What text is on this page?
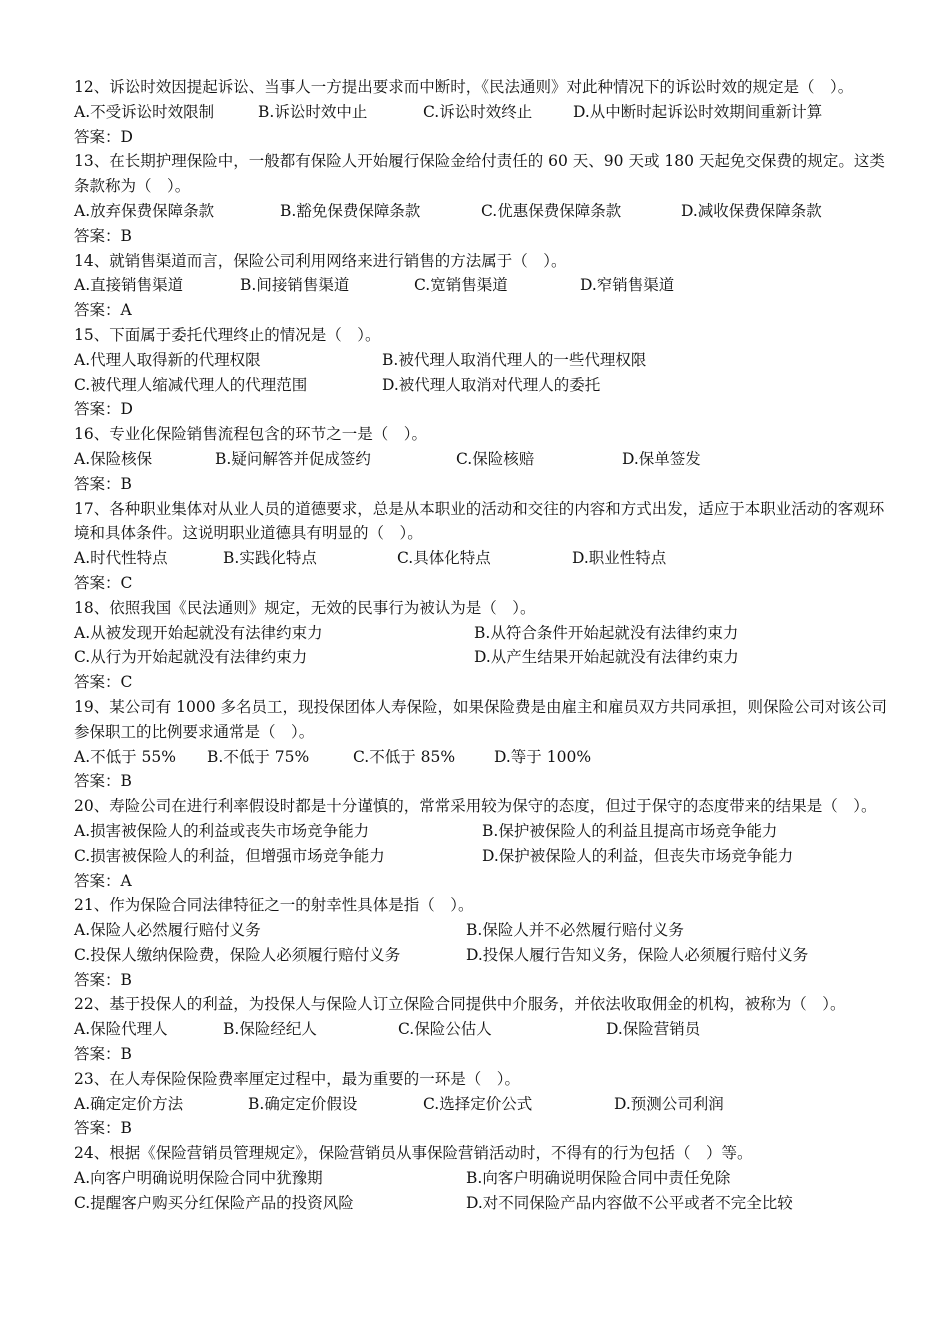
12、诉讼时效因提起诉讼、当事人一方提出要求而中断时，《民法通则》对此种情况下的诉讼时效的规定是（　）。

A.不受诉讼时效限制	B.诉讼时效中止	C.诉讼时效终止	D.从中断时起诉讼时效期间重新计算

答案：D

13、在长期护理保险中，一般都有保险人开始履行保险金给付责任的 60 天、90 天或 180 天起免交保费的规定。这类条款称为（　）。

A.放弃保费保障条款	B.豁免保费保障条款	C.优惠保费保障条款	D.减收保费保障条款

答案：B

14、就销售渠道而言，保险公司利用网络来进行销售的方法属于（　）。

A.直接销售渠道	B.间接销售渠道	C.宽销售渠道	D.窄销售渠道

答案：A

15、下面属于委托代理终止的情况是（　）。

A.代理人取得新的代理权限	B.被代理人取消代理人的一些代理权限
C.被代理人缩减代理人的代理范围	D.被代理人取消对代理人的委托

答案：D

16、专业化保险销售流程包含的环节之一是（　）。

A.保险核保	B.疑问解答并促成签约	C.保险核赔	D.保单签发

答案：B

17、各种职业集体对从业人员的道德要求，总是从本职业的活动和交往的内容和方式出发，适应于本职业活动的客观环境和具体条件。这说明职业道德具有明显的（　）。

A.时代性特点	B.实践化特点	C.具体化特点	D.职业性特点

答案：C

18、依照我国《民法通则》规定，无效的民事行为被认为是（　）。

A.从被发现开始起就没有法律约束力	B.从符合条件开始起就没有法律约束力
C.从行为开始起就没有法律约束力	D.从产生结果开始起就没有法律约束力

答案：C

19、某公司有 1000 多名员工，现投保团体人寿保险，如果保险费是由雇主和雇员双方共同承担，则保险公司对该公司参保职工的比例要求通常是（　）。

A.不低于 55%	B.不低于 75%	C.不低于 85%	D.等于 100%

答案：B

20、寿险公司在进行利率假设时都是十分谨慎的，常常采用较为保守的态度，但过于保守的态度带来的结果是（　）。

A.损害被保险人的利益或丧失市场竞争能力	B.保护被保险人的利益且提高市场竞争能力
C.损害被保险人的利益，但增强市场竞争能力	D.保护被保险人的利益，但丧失市场竞争能力

答案：A

21、作为保险合同法律特征之一的射幸性具体是指（　）。

A.保险人必然履行赔付义务	B.保险人并不必然履行赔付义务
C.投保人缴纳保险费，保险人必须履行赔付义务	D.投保人履行告知义务，保险人必须履行赔付义务

答案：B

22、基于投保人的利益，为投保人与保险人订立保险合同提供中介服务，并依法收取佣金的机构，被称为（　）。

A.保险代理人	B.保险经纪人	C.保险公估人	D.保险营销员

答案：B

23、在人寿保险保险费率厘定过程中，最为重要的一环是（　）。

A.确定定价方法	B.确定定价假设	C.选择定价公式	D.预测公司利润

答案：B

24、根据《保险营销员管理规定》，保险营销员从事保险营销活动时，不得有的行为包括（　）等。

A.向客户明确说明保险合同中犹豫期	B.向客户明确说明保险合同中责任免除
C.提醒客户购买分红保险产品的投资风险	D.对不同保险产品内容做不公平或者不完全比较
